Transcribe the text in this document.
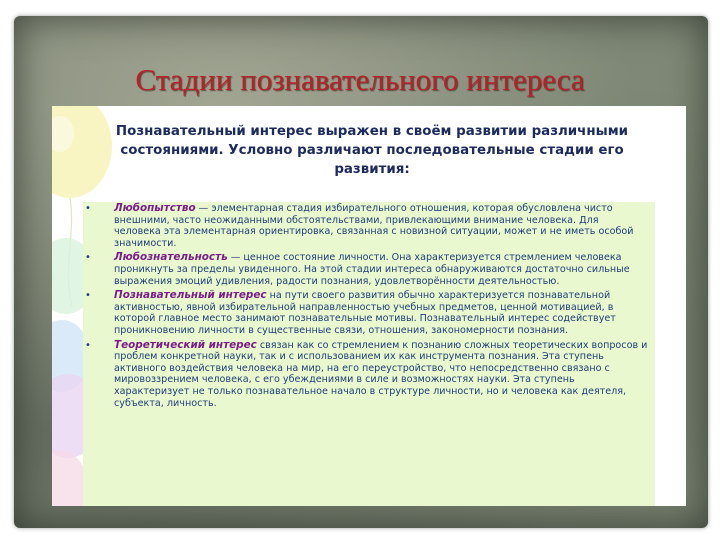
Стадии познавательного интереса

Познавательный интерес выражен в своём развитии различными состояниями. Условно различают последовательные стадии его развития:

• Любопытство — элементарная стадия избирательного отношения, которая обусловлена чисто внешними, часто неожиданными обстоятельствами, привлекающими внимание человека. Для человека эта элементарная ориентировка, связанная с новизной ситуации, может и не иметь особой значимости.
• Любознательность — ценное состояние личности. Она характеризуется стремлением человека проникнуть за пределы увиденного. На этой стадии интереса обнаруживаются достаточно сильные выражения эмоций удивления, радости познания, удовлетворённости деятельностью.
• Познавательный интерес на пути своего развития обычно характеризуется познавательной активностью, явной избирательной направленностью учебных предметов, ценной мотивацией, в которой главное место занимают познавательные мотивы. Познавательный интерес содействует проникновению личности в существенные связи, отношения, закономерности познания.
• Теоретический интерес связан как со стремлением к познанию сложных теоретических вопросов и проблем конкретной науки, так и с использованием их как инструмента познания. Эта ступень активного воздействия человека на мир, на его переустройство, что непосредственно связано с мировоззрением человека, с его убеждениями в силе и возможностях науки. Эта ступень характеризует не только познавательное начало в структуре личности, но и человека как деятеля, субъекта, личность.
